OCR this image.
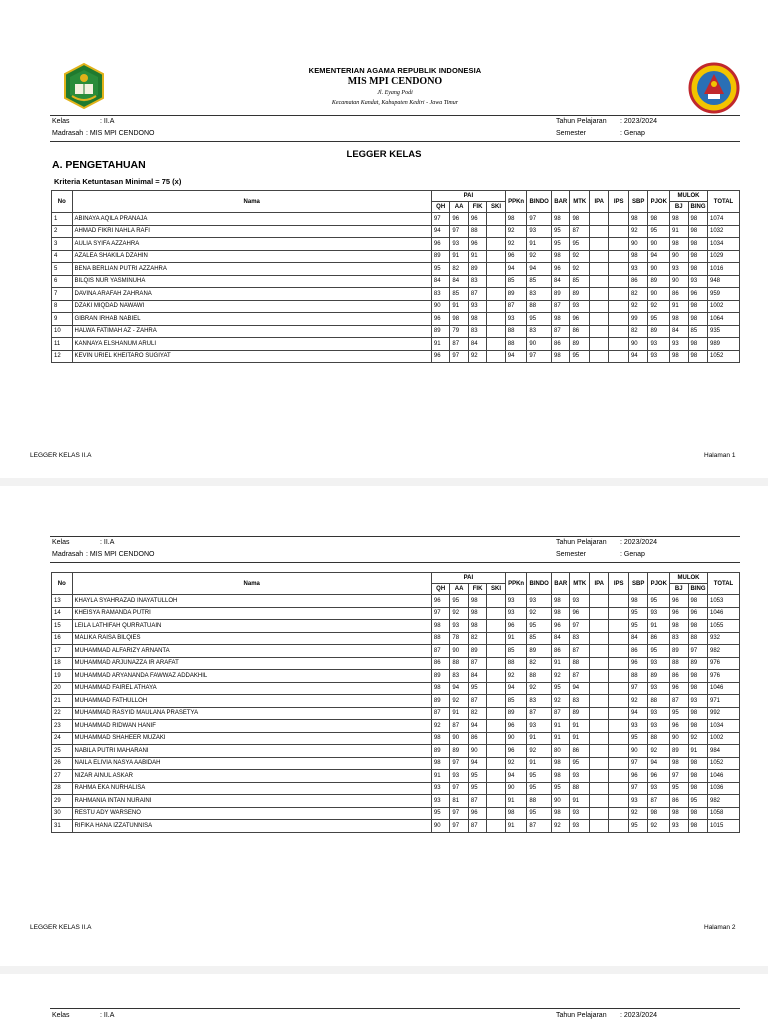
KEMENTERIAN AGAMA REPUBLIK INDONESIA
MIS MPI CENDONO
Jl. Eyang Podi
Kecamatan Kandat, Kabupaten Kediri - Jawa Timur
Kelas	: II.A
Madrasah : MIS MPI CENDONO
Tahun Pelajaran : 2023/2024
Semester	: Genap
LEGGER KELAS
A. PENGETAHUAN
Kriteria Ketuntasan Minimal = 75 (x)
No	Nama	PAI				PPKn	BINDO	BAR	MTK	IPA	IPS	SBP	PJOK	MULOK		TOTAL
		QH	AA	FIK	SKI									BJ	BING	
1	ABINAYA AQILA PRANAJA	97	96	96		98	97	98	98			98	98	98	98	1074
2	AHMAD FIKRI NAHLA RAFI	94	97	88		92	93	95	87			92	95	91	98	1032
3	AULIA SYIFA AZZAHRA	96	93	96		92	91	95	95			90	90	98	98	1034
4	AZALEA SHAKILA DZAHIN	89	91	91		96	92	98	92			98	94	90	98	1029
5	BENA BERLIAN PUTRI AZZAHRA	95	82	89		94	94	96	92			93	90	93	98	1016
6	BILQIS NUR YASMINUHA	84	84	83		85	85	84	85			86	89	90	93	948
7	DAVINA ARAFAH ZAHRANA	83	85	87		89	83	89	89			82	90	86	96	959
8	DZAKI MIQDAD NAWAWI	90	91	93		87	88	87	93			92	92	91	98	1002
9	GIBRAN IRHAB NABIEL	96	98	98		93	95	98	96			99	95	98	98	1064
10	HALWA FATIMAH AZ - ZAHRA	89	79	83		88	83	87	86			82	89	84	85	935
11	KANNAYA ELSHANUM ARULI	91	87	84		88	90	86	89			90	93	93	98	989
12	KEVIN URIEL KHEITARO SUGIYAT	96	97	92		94	97	98	95			94	93	98	98	1052
LEGGER KELAS II.A	Halaman 1
Kelas	: II.A
Madrasah : MIS MPI CENDONO
Tahun Pelajaran : 2023/2024
Semester	: Genap
No	Nama	PAI				PPKn	BINDO	BAR	MTK	IPA	IPS	SBP	PJOK	MULOK		TOTAL
		QH	AA	FIK	SKI									BJ	BING	
13	KHAYLA SYAHRAZAD INAYATULLOH	96	95	98		93	93	98	93			98	95	96	98	1053
14	KHEISYA RAMANDA PUTRI	97	92	98		93	92	98	96			95	93	96	96	1046
15	LEILA LATHIFAH QURRATUAIN	98	93	98		96	95	96	97			95	91	98	98	1055
16	MALIKA RAISA BILQIES	88	78	82		91	85	84	83			84	86	83	88	932
17	MUHAMMAD ALFARIZY ARNANTA	87	90	89		85	89	86	87			86	95	89	97	982
18	MUHAMMAD ARJUNAZZA IR ARAFAT	86	88	87		88	82	91	88			96	93	88	89	976
19	MUHAMMAD ARYANANDA FAWWAZ ADDAKHIL	89	83	84		92	88	92	87			88	89	86	98	976
20	MUHAMMAD FAIREL ATHAYA	98	94	95		94	92	95	94			97	93	96	98	1046
21	MUHAMMAD FATHULLOH	89	92	87		85	83	92	83			92	88	87	93	971
22	MUHAMMAD RASYID MAULANA PRASETYA	87	91	82		89	87	87	89			94	93	95	98	992
23	MUHAMMAD RIDWAN HANIF	92	87	94		96	93	91	91			93	93	96	98	1034
24	MUHAMMAD SHAHEER MUZAKI	98	90	86		90	91	91	91			95	88	90	92	1002
25	NABILA PUTRI MAHARANI	89	89	90		96	92	80	86			90	92	89	91	984
26	NAILA ELIVIA NASYA AABIDAH	98	97	94		92	91	98	95			97	94	98	98	1052
27	NIZAR AINUL ASKAR	91	93	95		94	95	98	93			96	96	97	98	1046
28	RAHMA EKA NURHALISA	93	97	95		90	95	95	88			97	93	95	98	1036
29	RAHMANIA INTAN NURAINI	93	81	87		91	88	90	91			93	87	86	95	982
30	RESTU ADY WARSENO	95	97	96		98	95	98	93			92	98	98	98	1058
31	RIFIKA HANA IZZATUNNISA	90	97	87		91	87	92	93			95	92	93	98	1015
LEGGER KELAS II.A	Halaman 2
Kelas	: II.A	Tahun Pelajaran : 2023/2024
